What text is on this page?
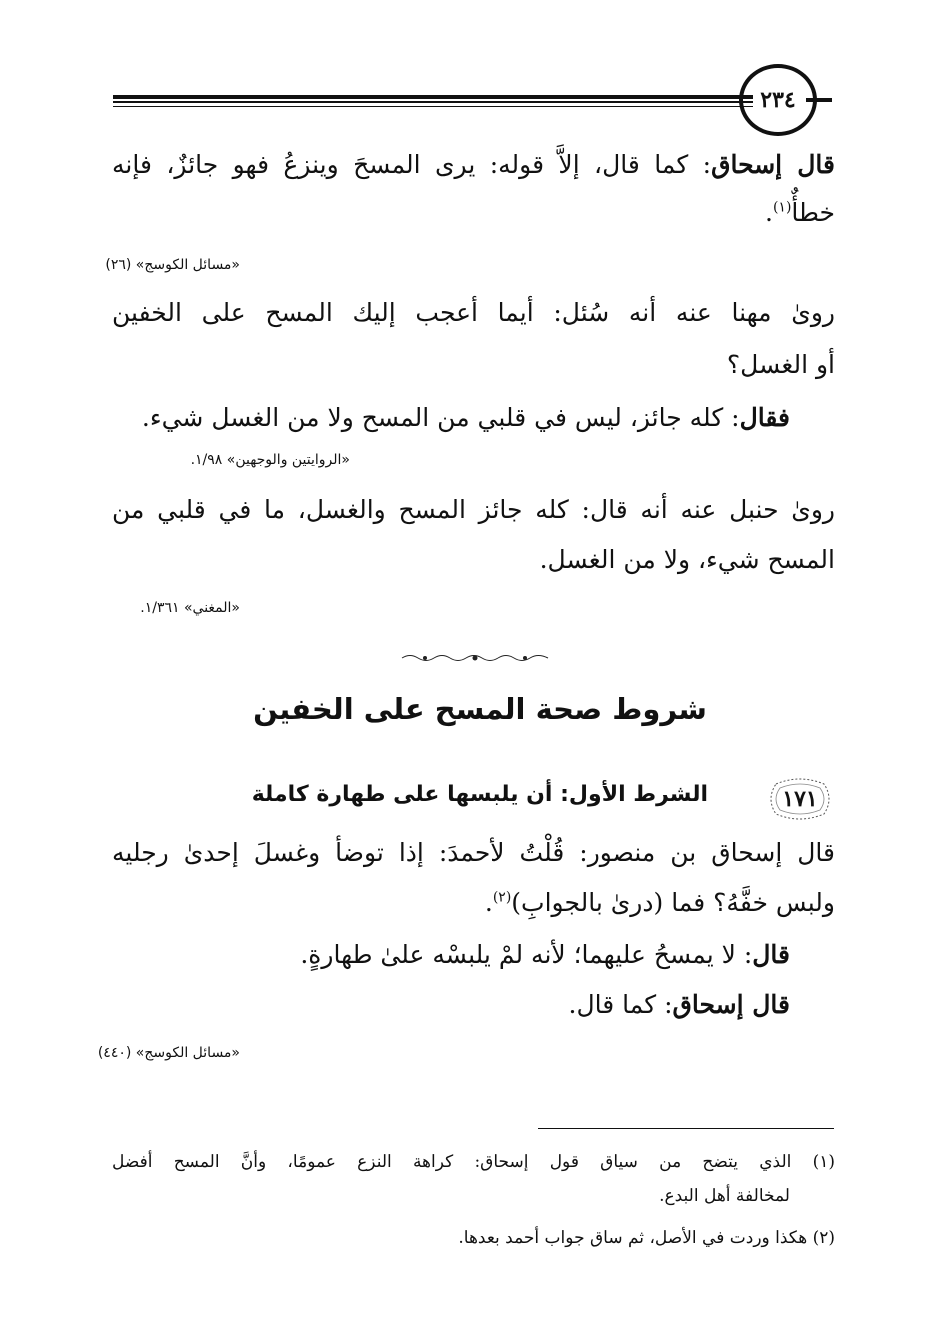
٢٣٤
قال إسحاق: كما قال، إلاَّ قوله: يرى المسحَ وينزعُ فهو جائزٌ، فإنه
خطأٌ$^{(١)}$.
«مسائل الكوسج» (٢٦)
رویٰ مهنا عنه أنه سُئل: أيما أعجب إليك المسح على الخفين
أو الغسل؟
فقال: كله جائز، ليس في قلبي من المسح ولا من الغسل شيء.
«الروايتين والوجهين» ١/٩٨.
رویٰ حنبل عنه أنه قال: كله جائز المسح والغسل، ما في قلبي من
المسح شيء، ولا من الغسل.
«المغني» ١/٣٦١.
شروط صحة المسح على الخفين
١٧١
الشرط الأول: أن يلبسها على طهارة كاملة
قال إسحاق بن منصور: قُلْتُ لأحمدَ: إذا توضأ وغسلَ إحدىٰ رجليه
ولبس خفَّهُ؟ فما (دریٰ بالجوابِ)$^{(٢)}$.
قال: لا يمسحُ عليهما؛ لأنه لمْ يلبسْه علىٰ طهارةٍ.
قال إسحاق: كما قال.
«مسائل الكوسج» (٤٤٠)
(١) الذي يتضح من سياق قول إسحاق: كراهة النزع عمومًا، وأنَّ المسح أفضل
لمخالفة أهل البدع.
(٢) هكذا وردت في الأصل، ثم ساق جواب أحمد بعدها.
